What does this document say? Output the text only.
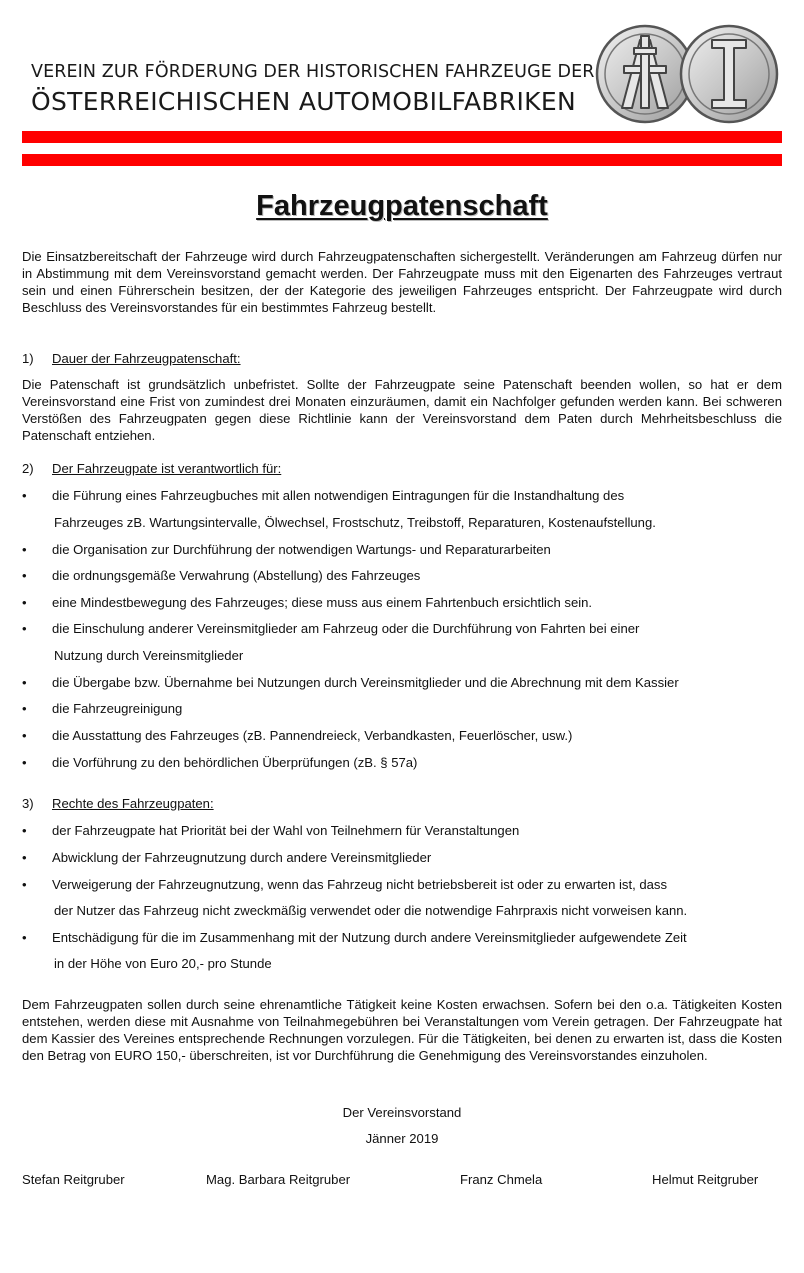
VEREIN ZUR FÖRDERUNG DER HISTORISCHEN FAHRZEUGE DER
ÖSTERREICHISCHEN AUTOMOBILFABRIKEN
Fahrzeugpatenschaft
Die Einsatzbereitschaft der Fahrzeuge wird durch Fahrzeugpatenschaften sichergestellt. Veränderungen am Fahrzeug dürfen nur in Abstimmung mit dem Vereinsvorstand gemacht werden. Der Fahrzeugpate muss mit den Eigenarten des Fahrzeuges vertraut sein und einen Führerschein besitzen, der der Kategorie des jeweiligen Fahrzeuges entspricht. Der Fahrzeugpate wird durch Beschluss des Vereinsvorstandes für ein bestimmtes Fahrzeug bestellt.
1) Dauer der Fahrzeugpatenschaft:
Die Patenschaft ist grundsätzlich unbefristet. Sollte der Fahrzeugpate seine Patenschaft beenden wollen, so hat er dem Vereinsvorstand eine Frist von zumindest drei Monaten einzuräumen, damit ein Nachfolger gefunden werden kann. Bei schweren Verstößen des Fahrzeugpaten gegen diese Richtlinie kann der Vereinsvorstand dem Paten durch Mehrheitsbeschluss die Patenschaft entziehen.
2) Der Fahrzeugpate ist verantwortlich für:
• die Führung eines Fahrzeugbuches mit allen notwendigen Eintragungen für die Instandhaltung des
Fahrzeuges zB. Wartungsintervalle, Ölwechsel, Frostschutz, Treibstoff, Reparaturen, Kostenaufstellung.
• die Organisation zur Durchführung der notwendigen Wartungs- und Reparaturarbeiten
• die ordnungsgemäße Verwahrung (Abstellung) des Fahrzeuges
• eine Mindestbewegung des Fahrzeuges; diese muss aus einem Fahrtenbuch ersichtlich sein.
• die Einschulung anderer Vereinsmitglieder am Fahrzeug oder die Durchführung von Fahrten bei einer
Nutzung durch Vereinsmitglieder
• die Übergabe bzw. Übernahme bei Nutzungen durch Vereinsmitglieder und die Abrechnung mit dem Kassier
• die Fahrzeugreinigung
• die Ausstattung des Fahrzeuges (zB. Pannendreieck, Verbandkasten, Feuerlöscher, usw.)
• die Vorführung zu den behördlichen Überprüfungen (zB. § 57a)
3) Rechte des Fahrzeugpaten:
• der Fahrzeugpate hat Priorität bei der Wahl von Teilnehmern für Veranstaltungen
• Abwicklung der Fahrzeugnutzung durch andere Vereinsmitglieder
• Verweigerung der Fahrzeugnutzung, wenn das Fahrzeug nicht betriebsbereit ist oder zu erwarten ist, dass
der Nutzer das Fahrzeug nicht zweckmäßig verwendet oder die notwendige Fahrpraxis nicht vorweisen kann.
• Entschädigung für die im Zusammenhang mit der Nutzung durch andere Vereinsmitglieder aufgewendete Zeit
in der Höhe von Euro 20,- pro Stunde
Dem Fahrzeugpaten sollen durch seine ehrenamtliche Tätigkeit keine Kosten erwachsen. Sofern bei den o.a. Tätigkeiten Kosten entstehen, werden diese mit Ausnahme von Teilnahmegebühren bei Veranstaltungen vom Verein getragen. Der Fahrzeugpate hat dem Kassier des Vereines entsprechende Rechnungen vorzulegen. Für die Tätigkeiten, bei denen zu erwarten ist, dass die Kosten den Betrag von EURO 150,- überschreiten, ist vor Durchführung die Genehmigung des Vereinsvorstandes einzuholen.
Der Vereinsvorstand
Jänner 2019
Stefan Reitgruber	Mag. Barbara Reitgruber	Franz Chmela	Helmut Reitgruber
